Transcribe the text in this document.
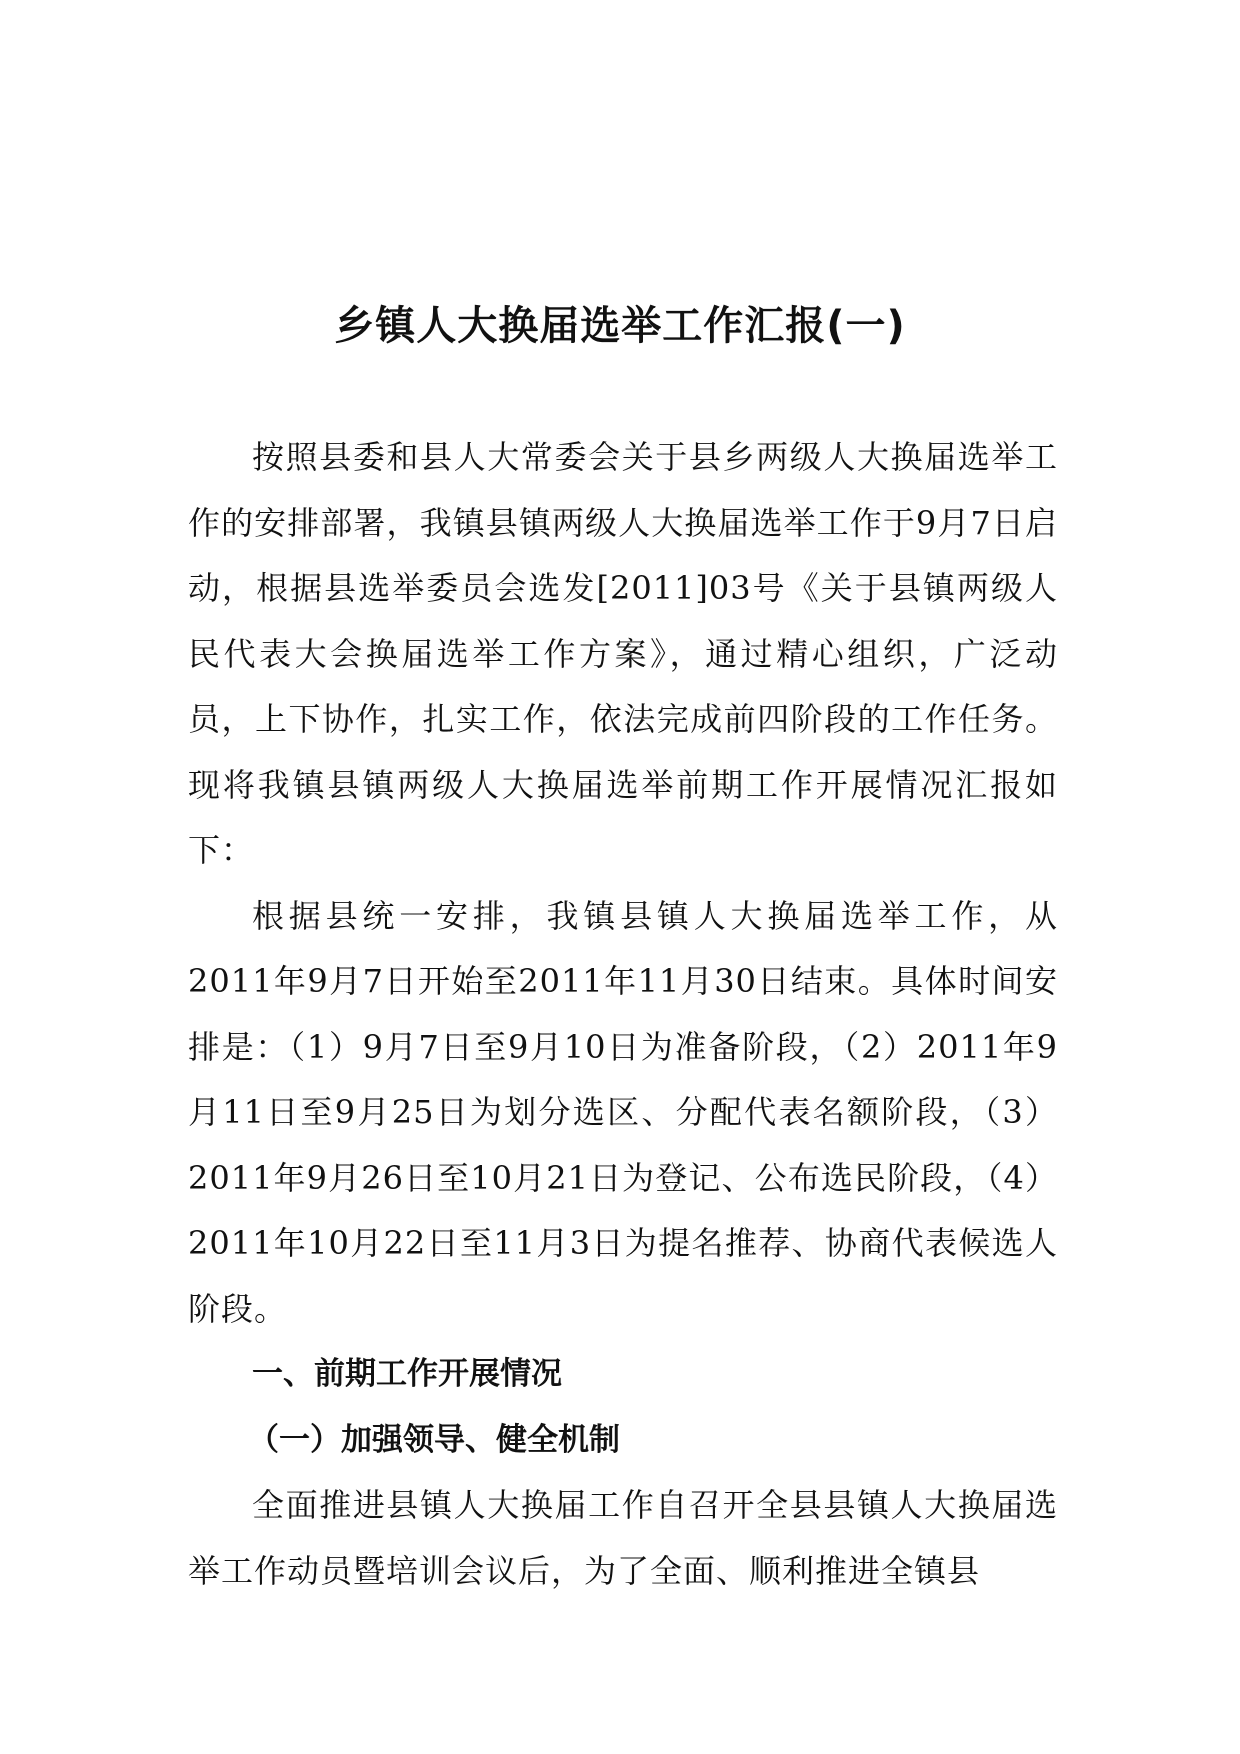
乡镇人大换届选举工作汇报(一)

按照县委和县人大常委会关于县乡两级人大换届选举工作的安排部署，我镇县镇两级人大换届选举工作于9月7日启动，根据县选举委员会选发[2011]03号《关于县镇两级人民代表大会换届选举工作方案》，通过精心组织，广泛动员，上下协作，扎实工作，依法完成前四阶段的工作任务。现将我镇县镇两级人大换届选举前期工作开展情况汇报如下：

根据县统一安排，我镇县镇人大换届选举工作，从2011年9月7日开始至2011年11月30日结束。具体时间安排是：（1）9月7日至9月10日为准备阶段，（2）2011年9月11日至9月25日为划分选区、分配代表名额阶段，（3）2011年9月26日至10月21日为登记、公布选民阶段，（4）2011年10月22日至11月3日为提名推荐、协商代表候选人阶段。

一、前期工作开展情况

（一）加强领导、健全机制

全面推进县镇人大换届工作自召开全县县镇人大换届选举工作动员暨培训会议后，为了全面、顺利推进全镇县
